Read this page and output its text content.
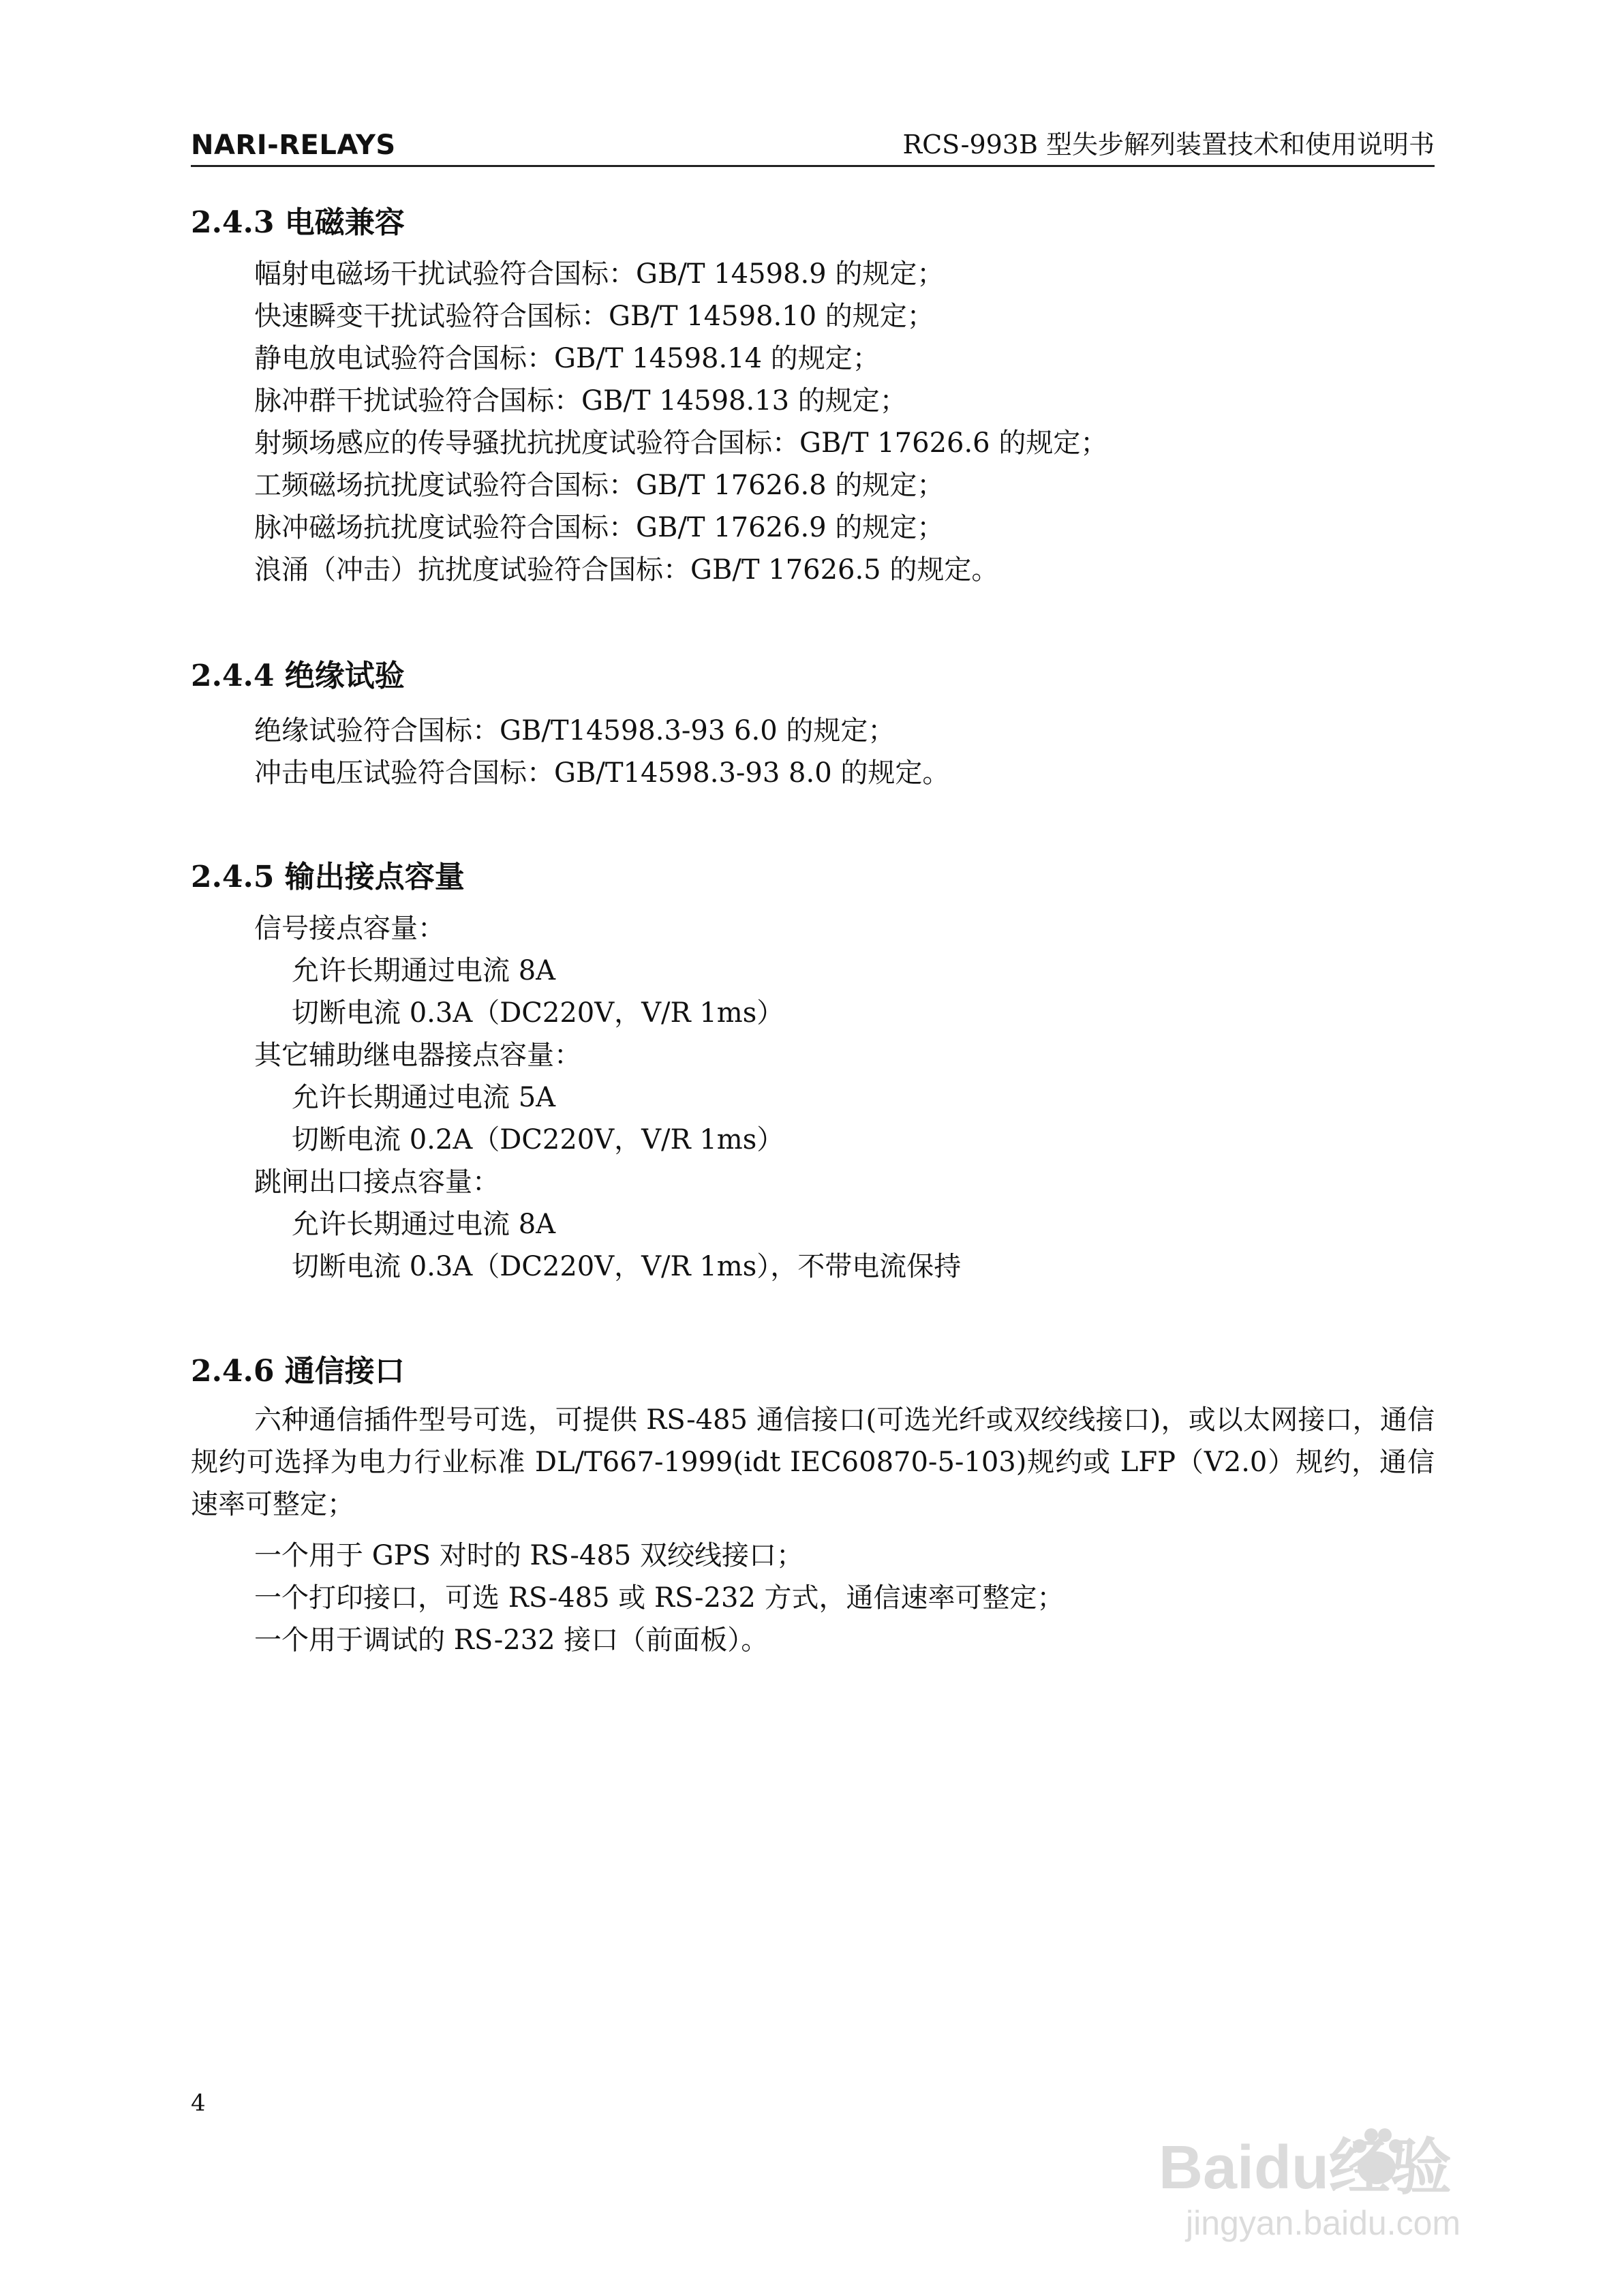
NARI-RELAYS	RCS-993B 型失步解列装置技术和使用说明书
2.4.3 电磁兼容
幅射电磁场干扰试验符合国标：GB/T 14598.9 的规定；
快速瞬变干扰试验符合国标：GB/T 14598.10 的规定；
静电放电试验符合国标：GB/T 14598.14 的规定；
脉冲群干扰试验符合国标：GB/T 14598.13 的规定；
射频场感应的传导骚扰抗扰度试验符合国标：GB/T 17626.6 的规定；
工频磁场抗扰度试验符合国标：GB/T 17626.8 的规定；
脉冲磁场抗扰度试验符合国标：GB/T 17626.9 的规定；
浪涌（冲击）抗扰度试验符合国标：GB/T 17626.5 的规定。
2.4.4 绝缘试验
绝缘试验符合国标：GB/T14598.3-93 6.0 的规定；
冲击电压试验符合国标：GB/T14598.3-93 8.0 的规定。
2.4.5 输出接点容量
信号接点容量：
允许长期通过电流 8A
切断电流 0.3A（DC220V，V/R 1ms）
其它辅助继电器接点容量：
允许长期通过电流 5A
切断电流 0.2A（DC220V，V/R 1ms）
跳闸出口接点容量：
允许长期通过电流 8A
切断电流 0.3A（DC220V，V/R 1ms），不带电流保持
2.4.6 通信接口
六种通信插件型号可选，可提供 RS-485 通信接口(可选光纤或双绞线接口)，或以太网接口，通信规约可选择为电力行业标准 DL/T667-1999(idt IEC60870-5-103)规约或 LFP（V2.0）规约，通信速率可整定；
一个用于 GPS 对时的 RS-485 双绞线接口；
一个打印接口，可选 RS-485 或 RS-232 方式，通信速率可整定；
一个用于调试的 RS-232 接口（前面板）。
4
Baidu经验
jingyan.baidu.com
